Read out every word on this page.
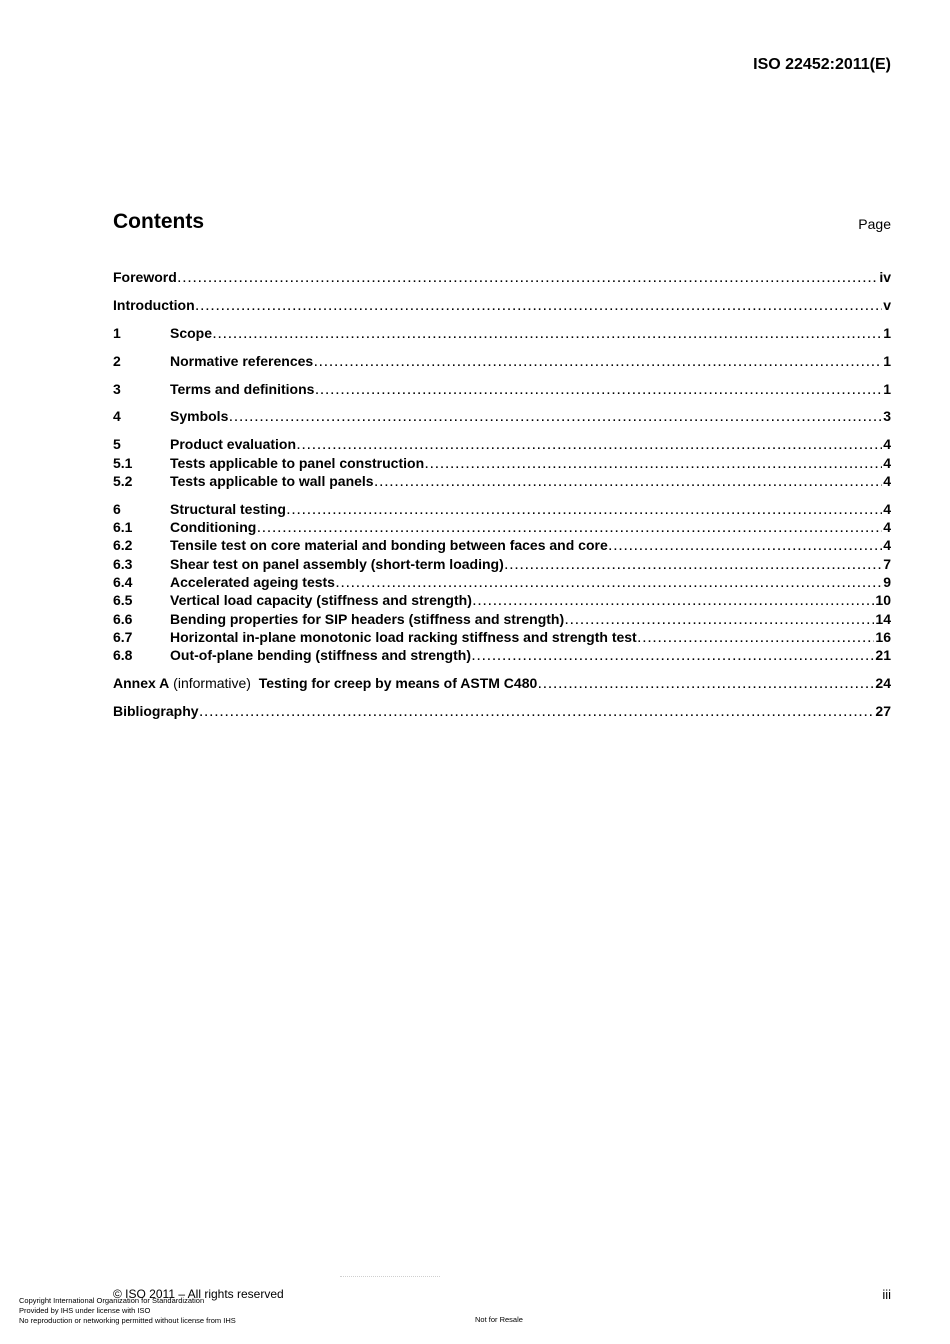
ISO 22452:2011(E)
Contents	Page
Foreword . . .	iv
Introduction . . .	v
1	Scope . . .	1
2	Normative references . . .	1
3	Terms and definitions . . .	1
4	Symbols . . .	3
5	Product evaluation . . .	4
5.1	Tests applicable to panel construction . . .	4
5.2	Tests applicable to wall panels . . .	4
6	Structural testing . . .	4
6.1	Conditioning . . .	4
6.2	Tensile test on core material and bonding between faces and core . . .	4
6.3	Shear test on panel assembly (short-term loading) . . .	7
6.4	Accelerated ageing tests . . .	9
6.5	Vertical load capacity (stiffness and strength) . . .	10
6.6	Bending properties for SIP headers (stiffness and strength) . . .	14
6.7	Horizontal in-plane monotonic load racking stiffness and strength test . . .	16
6.8	Out-of-plane bending (stiffness and strength) . . .	21
Annex A (informative)  Testing for creep by means of ASTM C480 . . .	24
Bibliography . . .	27
© ISO 2011 – All rights reserved	iii
Copyright International Organization for Standardization
Provided by IHS under license with ISO
No reproduction or networking permitted without license from IHS	Not for Resale
